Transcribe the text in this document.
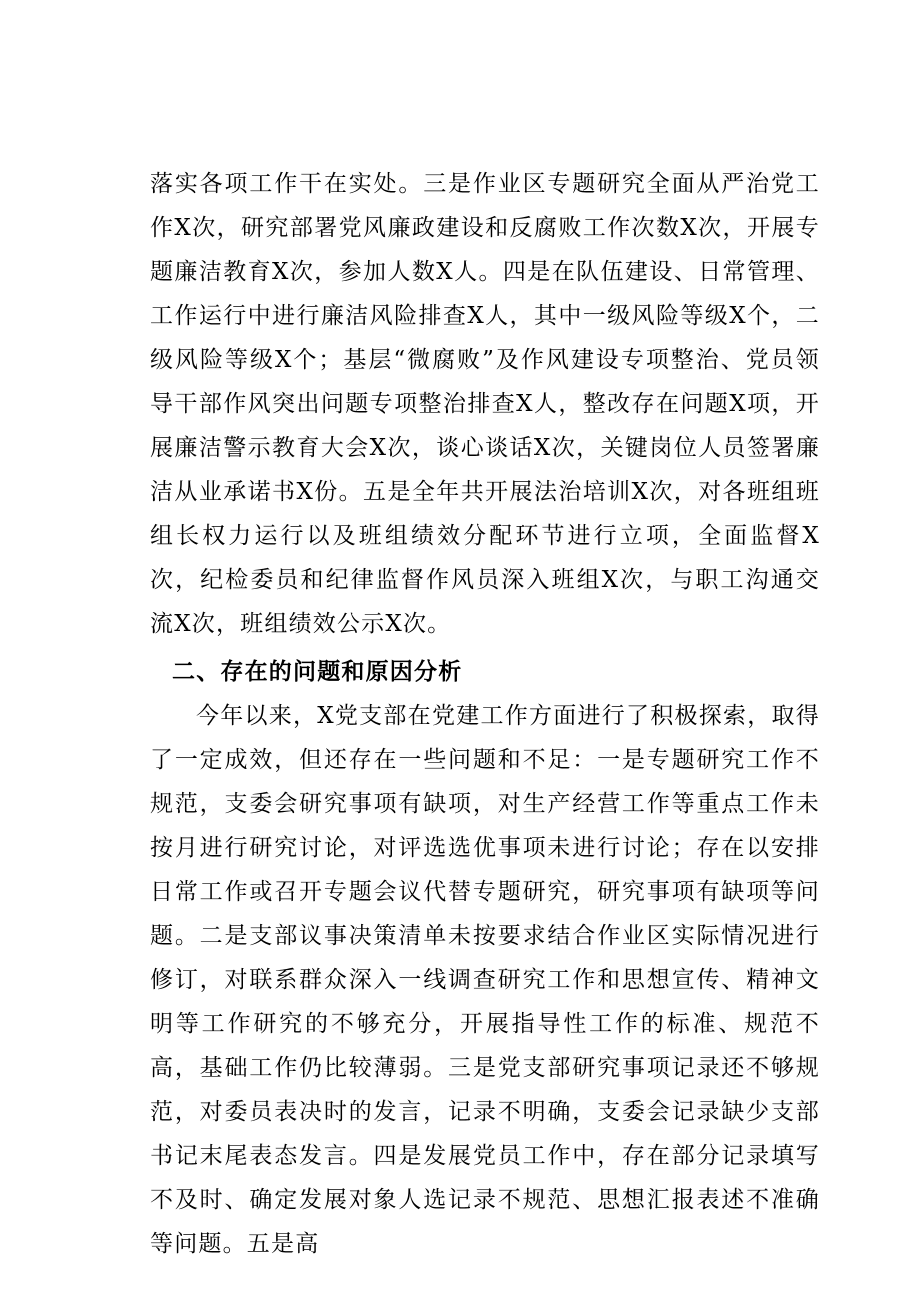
落实各项工作干在实处。三是作业区专题研究全面从严治党工作X次，研究部署党风廉政建设和反腐败工作次数X次，开展专题廉洁教育X次，参加人数X人。四是在队伍建设、日常管理、工作运行中进行廉洁风险排查X人，其中一级风险等级X个，二级风险等级X个；基层“微腐败”及作风建设专项整治、党员领导干部作风突出问题专项整治排查X人，整改存在问题X项，开展廉洁警示教育大会X次，谈心谈话X次，关键岗位人员签署廉洁从业承诺书X份。五是全年共开展法治培训X次，对各班组班组长权力运行以及班组绩效分配环节进行立项，全面监督X次，纪检委员和纪律监督作风员深入班组X次，与职工沟通交流X次，班组绩效公示X次。

二、存在的问题和原因分析

今年以来，X党支部在党建工作方面进行了积极探索，取得了一定成效，但还存在一些问题和不足：一是专题研究工作不规范，支委会研究事项有缺项，对生产经营工作等重点工作未按月进行研究讨论，对评选选优事项未进行讨论；存在以安排日常工作或召开专题会议代替专题研究，研究事项有缺项等问题。二是支部议事决策清单未按要求结合作业区实际情况进行修订，对联系群众深入一线调查研究工作和思想宣传、精神文明等工作研究的不够充分，开展指导性工作的标准、规范不高，基础工作仍比较薄弱。三是党支部研究事项记录还不够规范，对委员表决时的发言，记录不明确，支委会记录缺少支部书记末尾表态发言。四是发展党员工作中，存在部分记录填写不及时、确定发展对象人选记录不规范、思想汇报表述不准确等问题。五是高
